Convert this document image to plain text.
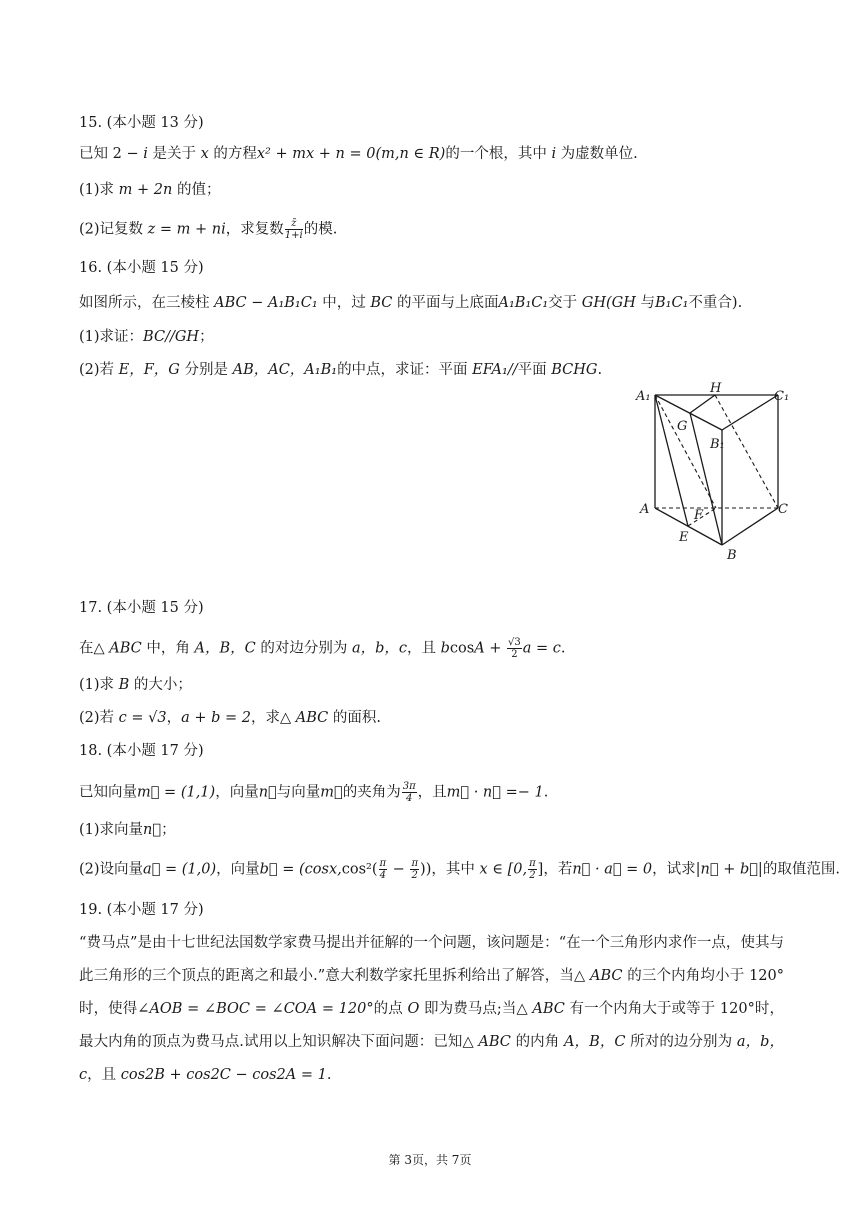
15. (本小题 13 分)
已知 2 − i 是关于 x 的方程x² + mx + n = 0(m,n ∈ R)的一个根，其中 i 为虚数单位.
(1)求 m + 2n 的值；
(2)记复数 z = m + ni，求复数 $\frac{z̄}{1+i}$ 的模.
16. (本小题 15 分)
如图所示，在三棱柱 ABC − A₁B₁C₁ 中，过 BC 的平面与上底面A₁B₁C₁交于 GH(GH 与B₁C₁不重合).
(1)求证：BC//GH；
(2)若 E，F，G 分别是 AB，AC，A₁B₁的中点，求证：平面 EFA₁//平面 BCHG.
A₁
H
C₁
G
B₁
A	F	C
E
B
17. (本小题 15 分)
在△ ABC 中，角 A，B，C 的对边分别为 a，b，c，且 $bcosA + \frac{√3}{2}$ a = c.
(1)求 B 的大小；
(2)若 c = √3，a + b = 2，求△ ABC 的面积.
18. (本小题 17 分)
已知向量m⃗ = (1,1)，向量n⃗与向量m⃗的夹角为 $\frac{3\pi}{4}$ ，且m⃗ · n⃗ =− 1.
(1)求向量n⃗；
(2)设向量a⃗ = (1,0)，向量b⃗ = ($\cos x,\cos^2( \frac{\pi}{4} - \frac{\pi}{2}$ ))，其中 x ∈ [0, $\frac{\pi}{2}$ ]，若n⃗ · a⃗ = 0，试求|n⃗ + b⃗|的取值范围.
19. (本小题 17 分)
“费马点”是由十七世纪法国数学家费马提出并征解的一个问题，该问题是：“在一个三角形内求作一点，使其与此三角形的三个顶点的距离之和最小.”意大利数学家托里拆利给出了解答，当△ ABC 的三个内角均小于 120°时，使得∠AOB = ∠BOC = ∠COA = 120°的点 O 即为费马点;当△ ABC 有一个内角大于或等于 120°时，最大内角的顶点为费马点.试用以上知识解决下面问题：已知△ ABC 的内角 A，B，C 所对的边分别为 a，b，c，且 cos2B + cos2C − cos2A = 1.
第 3页，共 7页
